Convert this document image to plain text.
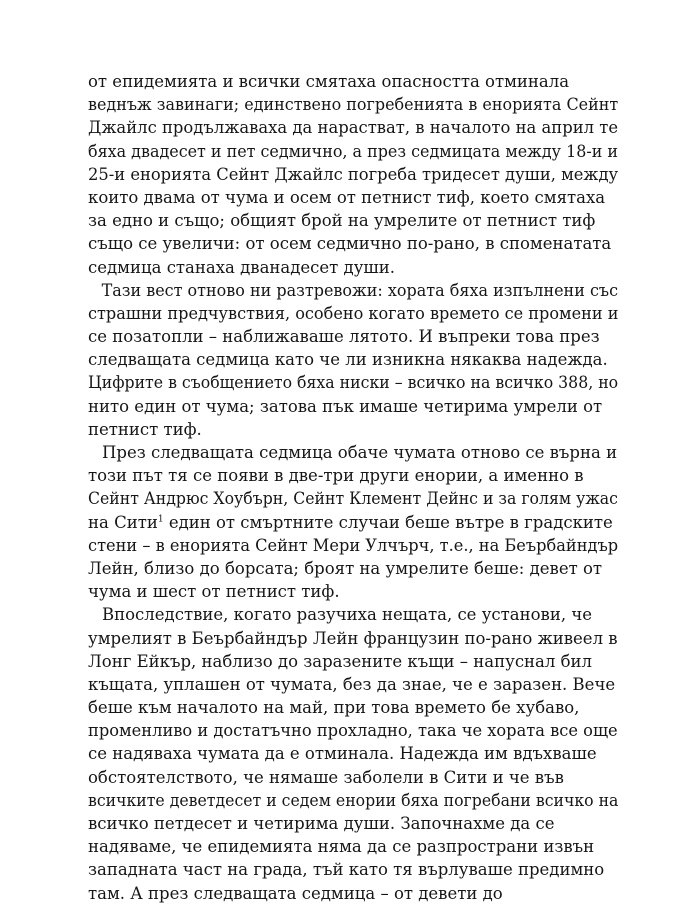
от епидемията и всички смятаха опасността отминала
веднъж завинаги; единствено погребенията в енорията Сейнт
Джайлс продължаваха да нарастват, в началото на април те
бяха двадесет и пет седмично, а през седмицата между 18-и и
25-и енорията Сейнт Джайлс погреба тридесет души, между
които двама от чума и осем от петнист тиф, което смятаха
за едно и също; общият брой на умрелите от петнист тиф
също се увеличи: от осем седмично по-рано, в споменатата
седмица станаха дванадесет души.
Тази вест отново ни разтревожи: хората бяха изпълнени със
страшни предчувствия, особено когато времето се промени и
се позатопли – наближаваше лятото. И въпреки това през
следващата седмица като че ли изникна някаква надежда.
Цифрите в съобщението бяха ниски – всичко на всичко 388, но
нито един от чума; затова пък имаше четирима умрели от
петнист тиф.
През следващата седмица обаче чумата отново се върна и
този път тя се появи в две-три други енории, а именно в
Сейнт Андрюс Хоубърн, Сейнт Клемент Дейнс и за голям ужас
на Сити$^1$ един от смъртните случаи беше вътре в градските
стени – в енорията Сейнт Мери Улчърч, т.е., на Беърбайндър
Лейн, близо до борсата; броят на умрелите беше: девет от
чума и шест от петнист тиф.
Впоследствие, когато разучиха нещата, се установи, че
умрелият в Беърбайндър Лейн французин по-рано живеел в
Лонг Ейкър, наблизо до заразените къщи – напуснал бил
къщата, уплашен от чумата, без да знае, че е заразен. Вече
беше към началото на май, при това времето бе хубаво,
променливо и достатъчно прохладно, така че хората все още
се надяваха чумата да е отминала. Надежда им вдъхваше
обстоятелството, че нямаше заболели в Сити и че във
всичките деветдесет и седем енории бяха погребани всичко на
всичко петдесет и четирима души. Започнахме да се
надяваме, че епидемията няма да се разпространи извън
западната част на града, тъй като тя върлуваше предимно
там. А през следващата седмица – от девети до
